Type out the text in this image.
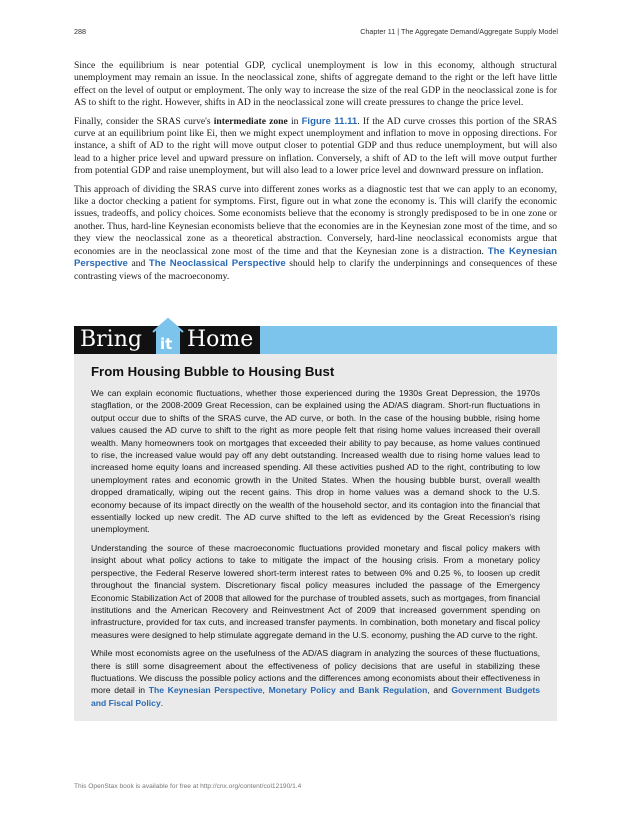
288	Chapter 11 | The Aggregate Demand/Aggregate Supply Model

Since the equilibrium is near potential GDP, cyclical unemployment is low in this economy, although structural unemployment may remain an issue. In the neoclassical zone, shifts of aggregate demand to the right or the left have little effect on the level of output or employment. The only way to increase the size of the real GDP in the neoclassical zone is for AS to shift to the right. However, shifts in AD in the neoclassical zone will create pressures to change the price level.

Finally, consider the SRAS curve's intermediate zone in Figure 11.11. If the AD curve crosses this portion of the SRAS curve at an equilibrium point like Ei, then we might expect unemployment and inflation to move in opposing directions. For instance, a shift of AD to the right will move output closer to potential GDP and thus reduce unemployment, but will also lead to a higher price level and upward pressure on inflation. Conversely, a shift of AD to the left will move output further from potential GDP and raise unemployment, but will also lead to a lower price level and downward pressure on inflation.

This approach of dividing the SRAS curve into different zones works as a diagnostic test that we can apply to an economy, like a doctor checking a patient for symptoms. First, figure out in what zone the economy is. This will clarify the economic issues, tradeoffs, and policy choices. Some economists believe that the economy is strongly predisposed to be in one zone or another. Thus, hard-line Keynesian economists believe that the economies are in the Keynesian zone most of the time, and so they view the neoclassical zone as a theoretical abstraction. Conversely, hard-line neoclassical economists argue that economies are in the neoclassical zone most of the time and that the Keynesian zone is a distraction. The Keynesian Perspective and The Neoclassical Perspective should help to clarify the underpinnings and consequences of these contrasting views of the macroeconomy.

Bring it Home
From Housing Bubble to Housing Bust

We can explain economic fluctuations, whether those experienced during the 1930s Great Depression, the 1970s stagflation, or the 2008-2009 Great Recession, can be explained using the AD/AS diagram. Short-run fluctuations in output occur due to shifts of the SRAS curve, the AD curve, or both. In the case of the housing bubble, rising home values caused the AD curve to shift to the right as more people felt that rising home values increased their overall wealth. Many homeowners took on mortgages that exceeded their ability to pay because, as home values continued to rise, the increased value would pay off any debt outstanding. Increased wealth due to rising home values lead to increased home equity loans and increased spending. All these activities pushed AD to the right, contributing to low unemployment rates and economic growth in the United States. When the housing bubble burst, overall wealth dropped dramatically, wiping out the recent gains. This drop in home values was a demand shock to the U.S. economy because of its impact directly on the wealth of the household sector, and its contagion into the financial that essentially locked up new credit. The AD curve shifted to the left as evidenced by the Great Recession's rising unemployment.

Understanding the source of these macroeconomic fluctuations provided monetary and fiscal policy makers with insight about what policy actions to take to mitigate the impact of the housing crisis. From a monetary policy perspective, the Federal Reserve lowered short-term interest rates to between 0% and 0.25 %, to loosen up credit throughout the financial system. Discretionary fiscal policy measures included the passage of the Emergency Economic Stabilization Act of 2008 that allowed for the purchase of troubled assets, such as mortgages, from financial institutions and the American Recovery and Reinvestment Act of 2009 that increased government spending on infrastructure, provided for tax cuts, and increased transfer payments. In combination, both monetary and fiscal policy measures were designed to help stimulate aggregate demand in the U.S. economy, pushing the AD curve to the right.

While most economists agree on the usefulness of the AD/AS diagram in analyzing the sources of these fluctuations, there is still some disagreement about the effectiveness of policy decisions that are useful in stabilizing these fluctuations. We discuss the possible policy actions and the differences among economists about their effectiveness in more detail in The Keynesian Perspective, Monetary Policy and Bank Regulation, and Government Budgets and Fiscal Policy.

This OpenStax book is available for free at http://cnx.org/content/col12190/1.4
